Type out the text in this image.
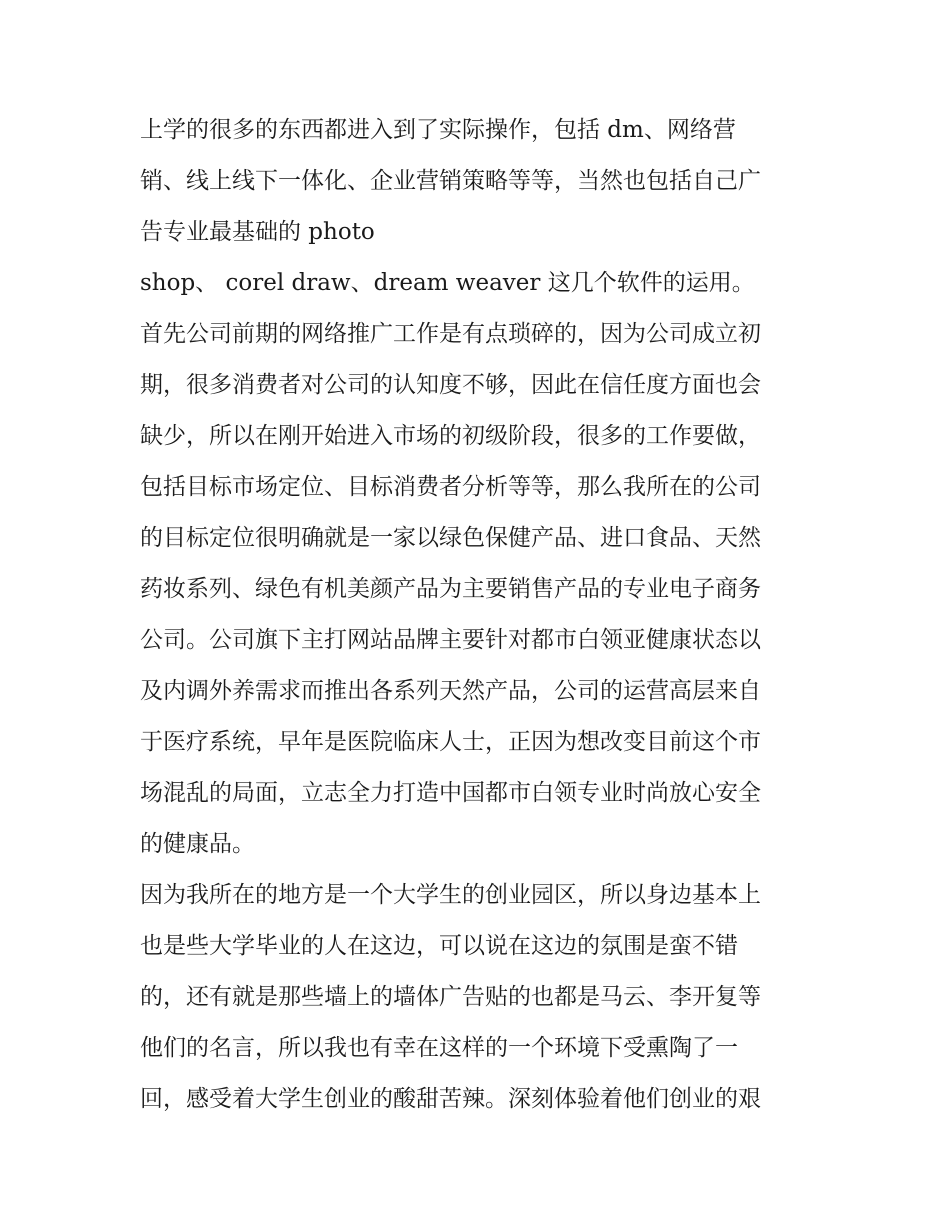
上学的很多的东西都进入到了实际操作，包括 dm、网络营
销、线上线下一体化、企业营销策略等等，当然也包括自己广
告专业最基础的 photo
shop、 corel draw、dream weaver 这几个软件的运用。
首先公司前期的网络推广工作是有点琐碎的，因为公司成立初
期，很多消费者对公司的认知度不够，因此在信任度方面也会
缺少，所以在刚开始进入市场的初级阶段，很多的工作要做，
包括目标市场定位、目标消费者分析等等，那么我所在的公司
的目标定位很明确就是一家以绿色保健产品、进口食品、天然
药妆系列、绿色有机美颜产品为主要销售产品的专业电子商务
公司。公司旗下主打网站品牌主要针对都市白领亚健康状态以
及内调外养需求而推出各系列天然产品，公司的运营高层来自
于医疗系统，早年是医院临床人士，正因为想改变目前这个市
场混乱的局面，立志全力打造中国都市白领专业时尚放心安全
的健康品。
因为我所在的地方是一个大学生的创业园区，所以身边基本上
也是些大学毕业的人在这边，可以说在这边的氛围是蛮不错
的，还有就是那些墙上的墙体广告贴的也都是马云、李开复等
他们的名言，所以我也有幸在这样的一个环境下受熏陶了一
回，感受着大学生创业的酸甜苦辣。深刻体验着他们创业的艰
